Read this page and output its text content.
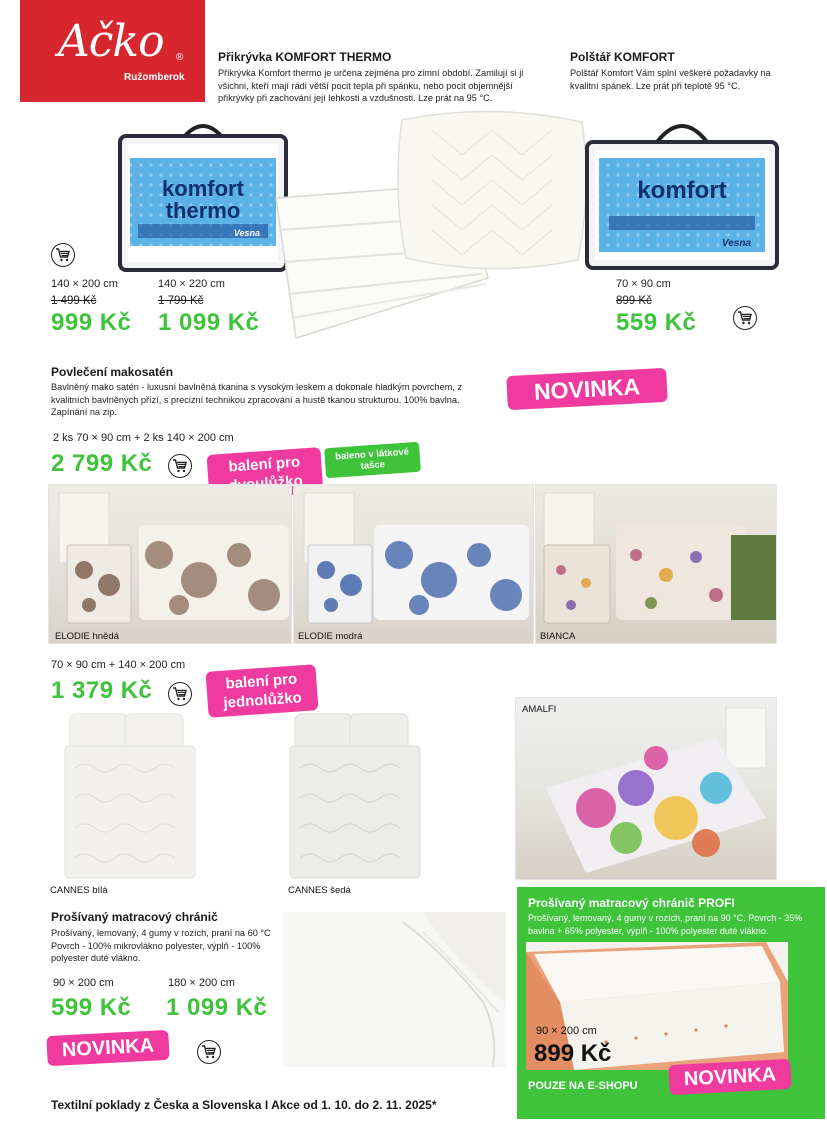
Ačko ®
Ružomberok
Přikrývka KOMFORT THERMO
Přikrývka Komfort thermo je určena zejména pro zimní období. Zamilují si ji všichni, kteří mají rádi větší pocit tepla při spánku, nebo pocit objemnější přikrývky při zachování její lehkosti a vzdušnosti. Lze prát na 95 °C.
Polštář KOMFORT
Polštář Komfort Vám splní veškeré požadavky na kvalitní spánek. Lze prát při teplotě 95 °C.
komfort
thermo
Vesna
komfort
Vesna
140 × 200 cm
1 499 Kč
999 Kč
140 × 220 cm
1 799 Kč
1 099 Kč
70 × 90 cm
899 Kč
559 Kč
Povlečení makosatén
Bavlněný mako satén - luxusní bavlněná tkanina s vysokým leskem a dokonale hladkým povrchem, z kvalitních bavlněných přízí, s precizní technikou zpracování a hustě tkanou strukturou. 100% bavlna. Zapínání na zip.
NOVINKA
2 ks 70 × 90 cm + 2 ks 140 × 200 cm
2 799 Kč	balení pro	baleno v látkové tašce
ELODIE hnědá	ELODIE modrá	BIANCA
70 × 90 cm + 140 × 200 cm
1 379 Kč	balení pro jednolůžko
CANNES bílá	CANNES šedá
AMALFI
Prošívaný matracový chránič
Prošívaný, lemovaný, 4 gumy v rozích, praní na 60 °C Povrch - 100% mikrovlákno polyester, výplň - 100% polyester duté vlákno.
90 × 200 cm
599 Kč
180 × 200 cm
1 099 Kč
NOVINKA
Prošívaný matracový chránič PROFI
Prošívaný, lemovaný, 4 gumy v rozích, praní na 90 °C. Povrch - 35% bavlna + 65% polyester, výplň - 100% polyester duté vlákno.
90 × 200 cm
899 Kč
POUZE NA E-SHOPU	NOVINKA
Textilní poklady z Česka a Slovenska I Akce od 1. 10. do 2. 11. 2025*
